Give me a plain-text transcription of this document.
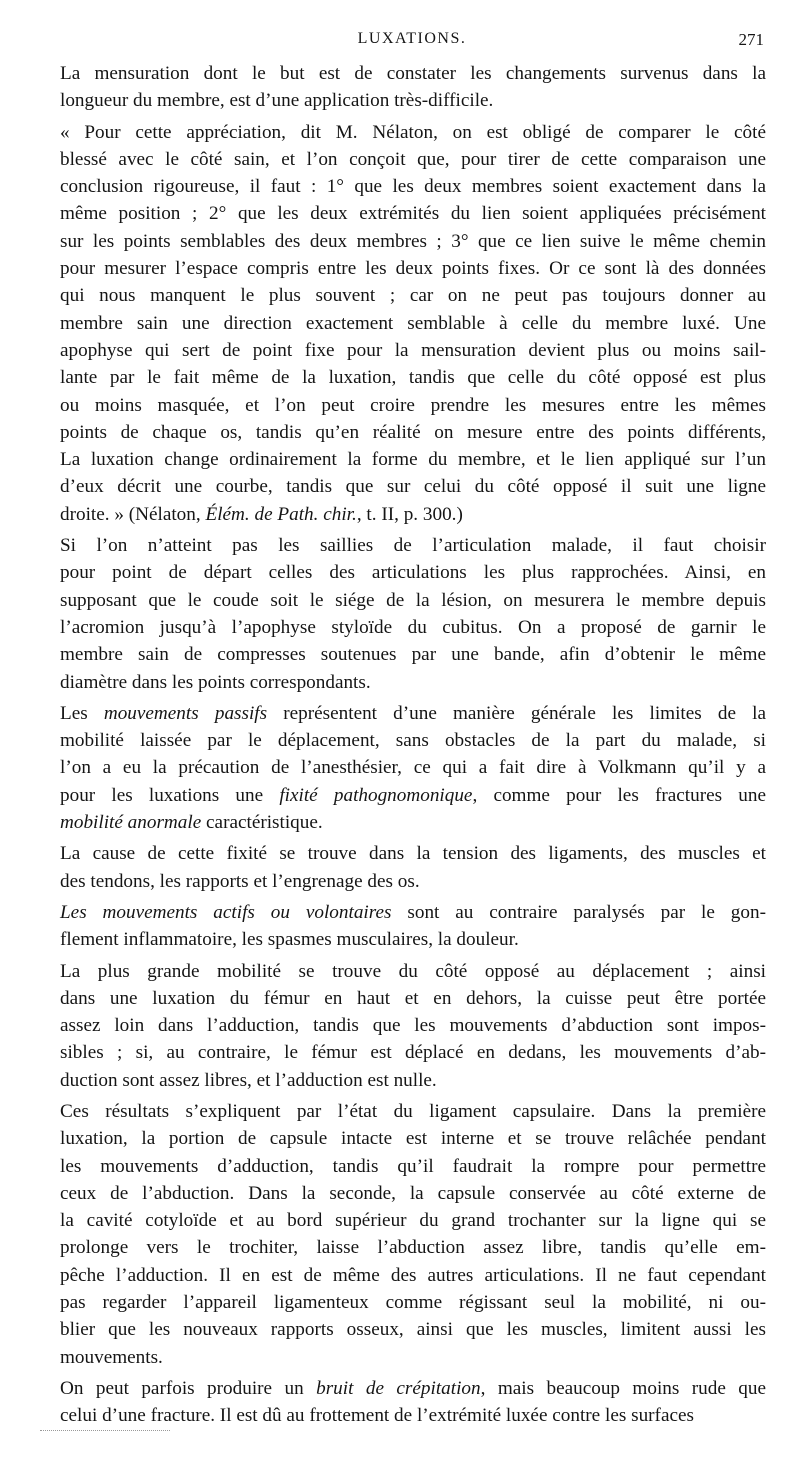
LUXATIONS.	271
La mensuration dont le but est de constater les changements survenus dans la
longueur du membre, est d’une application très-difficile.
« Pour cette appréciation, dit M. Nélaton, on est obligé de comparer le côté
blessé avec le côté sain, et l’on conçoit que, pour tirer de cette comparaison une
conclusion rigoureuse, il faut : 1° que les deux membres soient exactement dans la
même position ; 2° que les deux extrémités du lien soient appliquées précisément
sur les points semblables des deux membres ; 3° que ce lien suive le même chemin
pour mesurer l’espace compris entre les deux points fixes. Or ce sont là des données
qui nous manquent le plus souvent ; car on ne peut pas toujours donner au
membre sain une direction exactement semblable à celle du membre luxé. Une
apophyse qui sert de point fixe pour la mensuration devient plus ou moins sail-
lante par le fait même de la luxation, tandis que celle du côté opposé est plus
ou moins masquée, et l’on peut croire prendre les mesures entre les mêmes
points de chaque os, tandis qu’en réalité on mesure entre des points différents,
La luxation change ordinairement la forme du membre, et le lien appliqué sur l’un
d’eux décrit une courbe, tandis que sur celui du côté opposé il suit une ligne
droite. » (Nélaton, Élém. de Path. chir., t. II, p. 300.)
Si l’on n’atteint pas les saillies de l’articulation malade, il faut choisir
pour point de départ celles des articulations les plus rapprochées. Ainsi, en
supposant que le coude soit le siége de la lésion, on mesurera le membre depuis
l’acromion jusqu’à l’apophyse styloïde du cubitus. On a proposé de garnir le
membre sain de compresses soutenues par une bande, afin d’obtenir le même
diamètre dans les points correspondants.
Les mouvements passifs représentent d’une manière générale les limites de la
mobilité laissée par le déplacement, sans obstacles de la part du malade, si
l’on a eu la précaution de l’anesthésier, ce qui a fait dire à Volkmann qu’il y a
pour les luxations une fixité pathognomonique, comme pour les fractures une
mobilité anormale caractéristique.
La cause de cette fixité se trouve dans la tension des ligaments, des muscles et
des tendons, les rapports et l’engrenage des os.
Les mouvements actifs ou volontaires sont au contraire paralysés par le gon-
flement inflammatoire, les spasmes musculaires, la douleur.
La plus grande mobilité se trouve du côté opposé au déplacement ; ainsi
dans une luxation du fémur en haut et en dehors, la cuisse peut être portée
assez loin dans l’adduction, tandis que les mouvements d’abduction sont impos-
sibles ; si, au contraire, le fémur est déplacé en dedans, les mouvements d’ab-
duction sont assez libres, et l’adduction est nulle.
Ces résultats s’expliquent par l’état du ligament capsulaire. Dans la première
luxation, la portion de capsule intacte est interne et se trouve relâchée pendant
les mouvements d’adduction, tandis qu’il faudrait la rompre pour permettre
ceux de l’abduction. Dans la seconde, la capsule conservée au côté externe de
la cavité cotyloïde et au bord supérieur du grand trochanter sur la ligne qui se
prolonge vers le trochiter, laisse l’abduction assez libre, tandis qu’elle em-
pêche l’adduction. Il en est de même des autres articulations. Il ne faut cependant
pas regarder l’appareil ligamenteux comme régissant seul la mobilité, ni ou-
blier que les nouveaux rapports osseux, ainsi que les muscles, limitent aussi les
mouvements.
On peut parfois produire un bruit de crépitation, mais beaucoup moins rude que
celui d’une fracture. Il est dû au frottement de l’extrémité luxée contre les surfaces
